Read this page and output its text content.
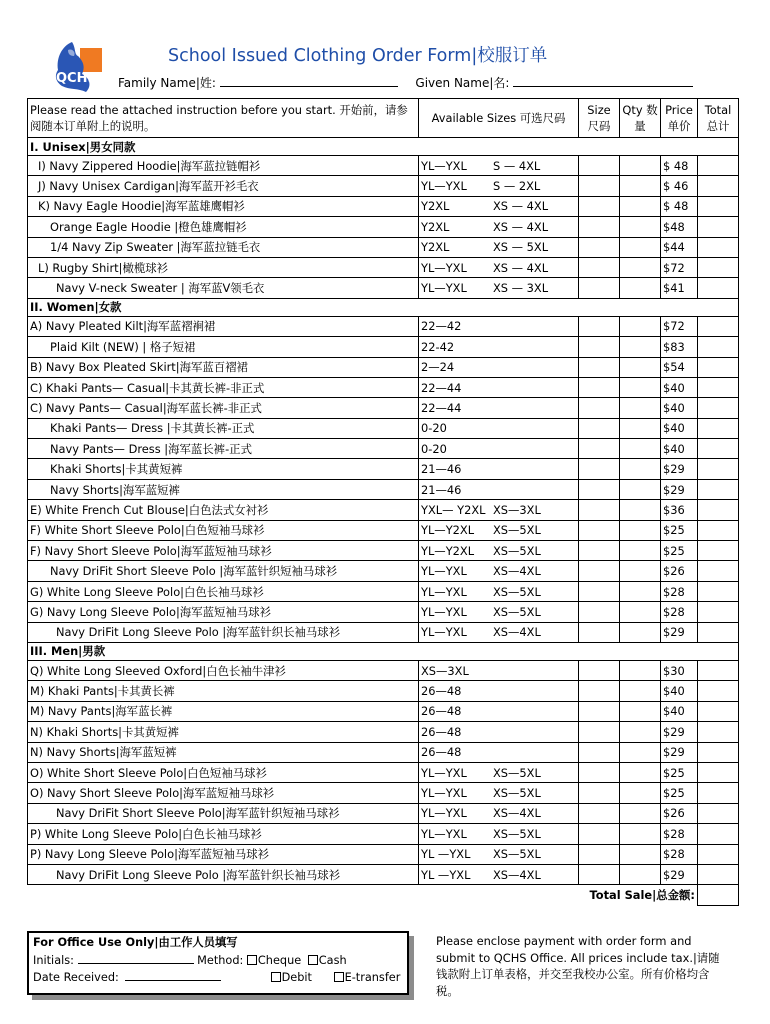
QCHS
School Issued Clothing Order Form|校服订单
Family Name|姓:	Given Name|名:
Please read the attached instruction before you start. 开始前，请参阅随本订单附上的说明。	Available Sizes 可选尺码	Size 尺码	Qty 数量	Price 单价	Total 总计
I. Unisex|男女同款					
I) Navy Zippered Hoodie|海军蓝拉链帽衫	YL—YXL S — 4XL			$ 48	
J) Navy Unisex Cardigan|海军蓝开衫毛衣	YL—YXL S — 2XL			$ 46	
K) Navy Eagle Hoodie|海军蓝雄鹰帽衫	Y2XL XS — 4XL			$ 48	
Orange Eagle Hoodie |橙色雄鹰帽衫	Y2XL XS — 4XL			$48	
1/4 Navy Zip Sweater |海军蓝拉链毛衣	Y2XL XS — 5XL			$44	
L) Rugby Shirt|橄榄球衫	YL—YXL XS — 4XL			$72	
Navy V-neck Sweater | 海军蓝V领毛衣	YL—YXL XS — 3XL			$41	
II. Women|女款					
A) Navy Pleated Kilt|海军蓝褶裥裙	22—42			$72	
Plaid Kilt (NEW) | 格子短裙	22-42			$83	
B) Navy Box Pleated Skirt|海军蓝百褶裙	2—24			$54	
C) Khaki Pants— Casual|卡其黄长裤-非正式	22—44			$40	
C) Navy Pants— Casual|海军蓝长裤-非正式	22—44			$40	
Khaki Pants— Dress |卡其黄长裤-正式	0-20			$40	
Navy Pants— Dress |海军蓝长裤-正式	0-20			$40	
Khaki Shorts|卡其黄短裤	21—46			$29	
Navy Shorts|海军蓝短裤	21—46			$29	
E) White French Cut Blouse|白色法式女衬衫	YXL— Y2XL XS—3XL			$36	
F) White Short Sleeve Polo|白色短袖马球衫	YL—Y2XL XS—5XL			$25	
F) Navy Short Sleeve Polo|海军蓝短袖马球衫	YL—Y2XL XS—5XL			$25	
Navy DriFit Short Sleeve Polo |海军蓝针织短袖马球衫	YL—YXL XS—4XL			$26	
G) White Long Sleeve Polo|白色长袖马球衫	YL—YXL XS—5XL			$28	
G) Navy Long Sleeve Polo|海军蓝短袖马球衫	YL—YXL XS—5XL			$28	
Navy DriFit Long Sleeve Polo |海军蓝针织长袖马球衫	YL—YXL XS—4XL			$29	
III. Men|男款					
Q) White Long Sleeved Oxford|白色长袖牛津衫	XS—3XL			$30	
M) Khaki Pants|卡其黄长裤	26—48			$40	
M) Navy Pants|海军蓝长裤	26—48			$40	
N) Khaki Shorts|卡其黄短裤	26—48			$29	
N) Navy Shorts|海军蓝短裤	26—48			$29	
O) White Short Sleeve Polo|白色短袖马球衫	YL—YXL XS—5XL			$25	
O) Navy Short Sleeve Polo|海军蓝短袖马球衫	YL—YXL XS—5XL			$25	
Navy DriFit Short Sleeve Polo|海军蓝针织短袖马球衫	YL—YXL XS—4XL			$26	
P) White Long Sleeve Polo|白色长袖马球衫	YL—YXL XS—5XL			$28	
P) Navy Long Sleeve Polo|海军蓝短袖马球衫	YL —YXL XS—5XL			$28	
Navy DriFit Long Sleeve Polo |海军蓝针织长袖马球衫	YL —YXL XS—4XL			$29	
	Total Sale|总金额:				
For Office Use Only|由工作人员填写
Initials:	Method: Cheque Cash
Date Received:	Debit	E-transfer
Please enclose payment with order form and submit to QCHS Office. All prices include tax.|请随钱款附上订单表格，并交至我校办公室。所有价格均含税。
